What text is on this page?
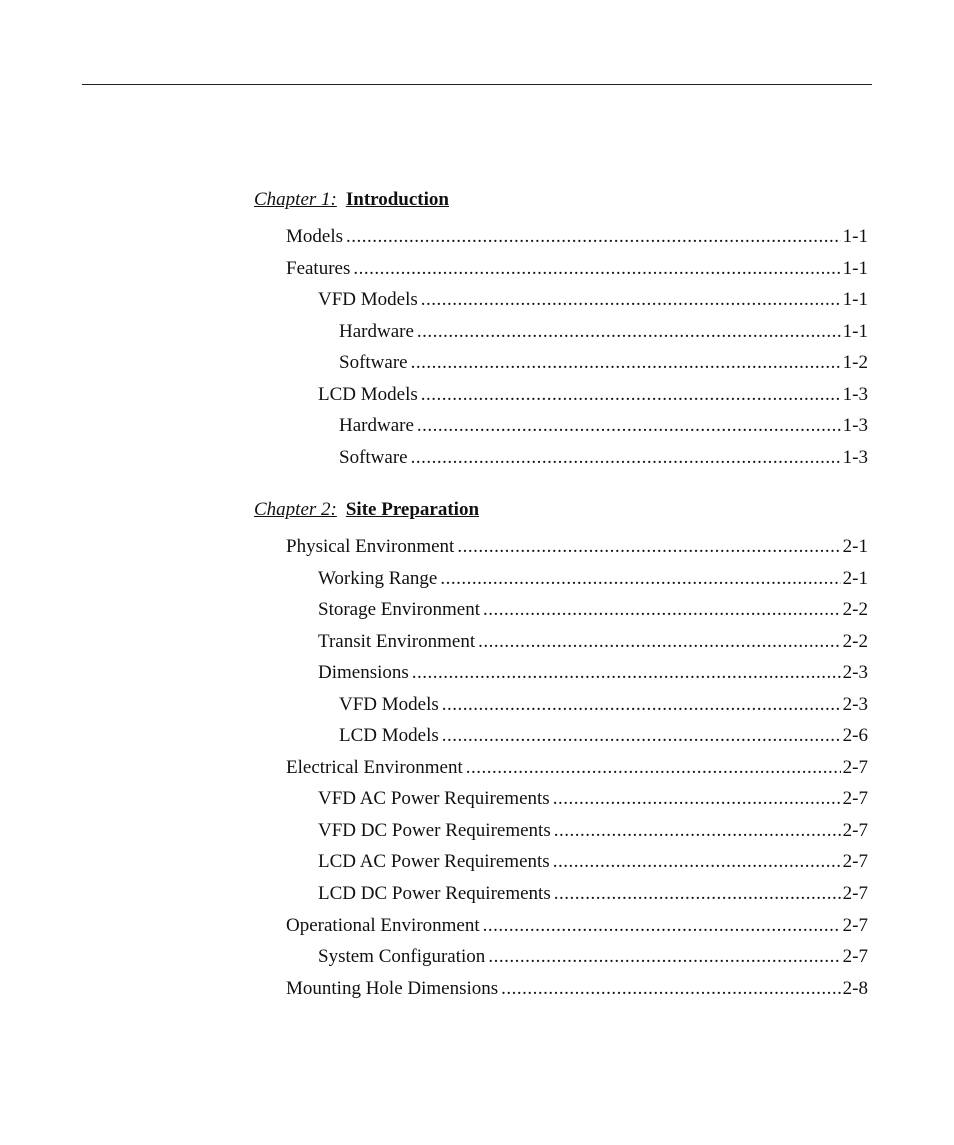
Chapter 1: Introduction
Models .....	1-1
Features .....	1-1
VFD Models .....	1-1
Hardware .....	1-1
Software .....	1-2
LCD Models .....	1-3
Hardware .....	1-3
Software .....	1-3
Chapter 2: Site Preparation
Physical Environment .....	2-1
Working Range .....	2-1
Storage Environment .....	2-2
Transit Environment .....	2-2
Dimensions .....	2-3
VFD Models .....	2-3
LCD Models .....	2-6
Electrical Environment .....	2-7
VFD AC Power Requirements .....	2-7
VFD DC Power Requirements .....	2-7
LCD AC Power Requirements .....	2-7
LCD DC Power Requirements .....	2-7
Operational Environment .....	2-7
System Configuration .....	2-7
Mounting Hole Dimensions .....	2-8
